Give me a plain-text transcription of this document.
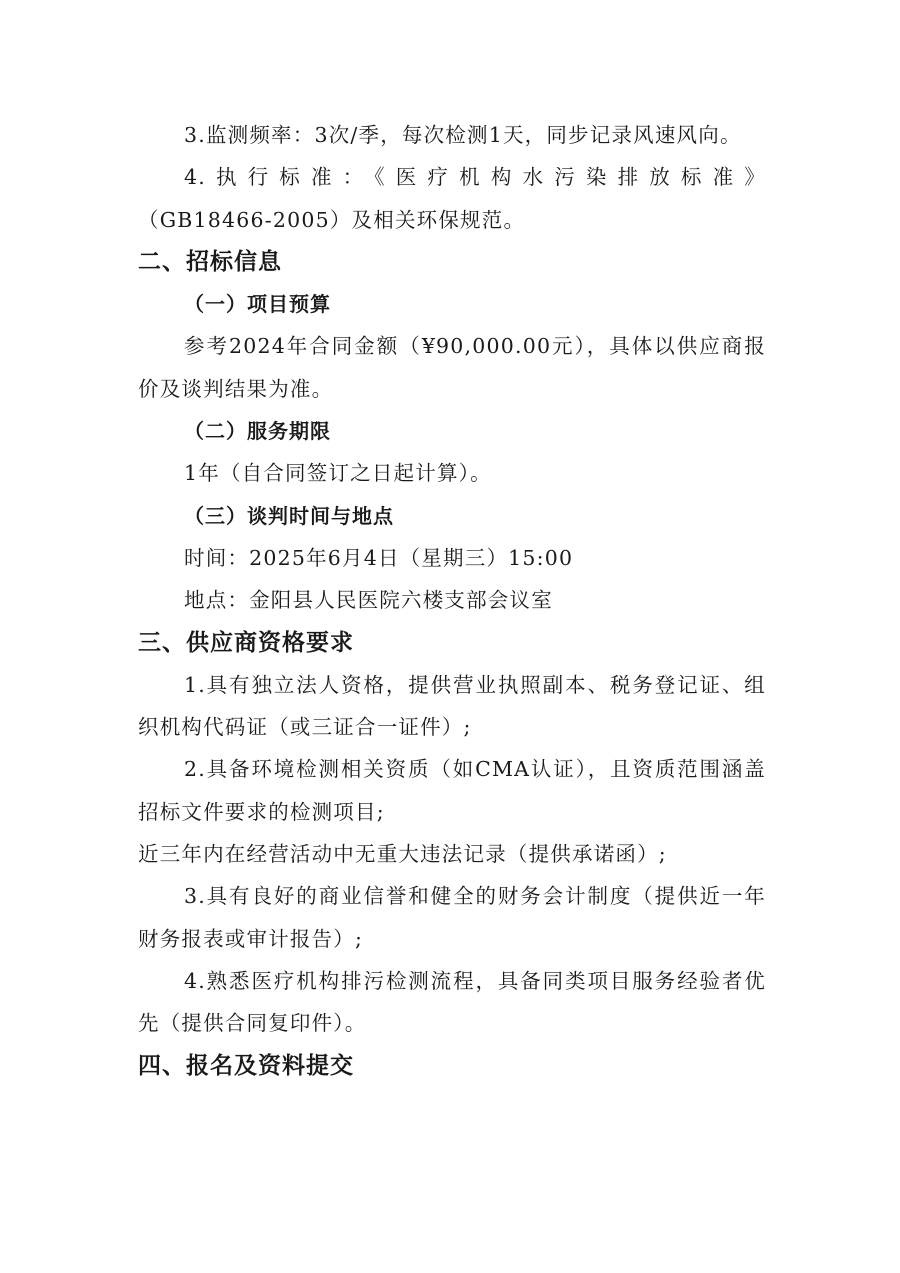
3.监测频率：3次/季，每次检测1天，同步记录风速风向。

4.执行标准：《医疗机构水污染排放标准》

（GB18466-2005）及相关环保规范。

二、招标信息
（一）项目预算

参考2024年合同金额（¥90,000.00元），具体以供应商报价及谈判结果为准。

（二）服务期限

1年（自合同签订之日起计算）。

（三）谈判时间与地点

时间：2025年6月4日（星期三）15:00

地点：金阳县人民医院六楼支部会议室

三、供应商资格要求

1.具有独立法人资格，提供营业执照副本、税务登记证、组织机构代码证（或三证合一证件）;

2.具备环境检测相关资质（如CMA认证），且资质范围涵盖招标文件要求的检测项目;

近三年内在经营活动中无重大违法记录（提供承诺函）;

3.具有良好的商业信誉和健全的财务会计制度（提供近一年财务报表或审计报告）;

4.熟悉医疗机构排污检测流程，具备同类项目服务经验者优先（提供合同复印件）。

四、报名及资料提交
